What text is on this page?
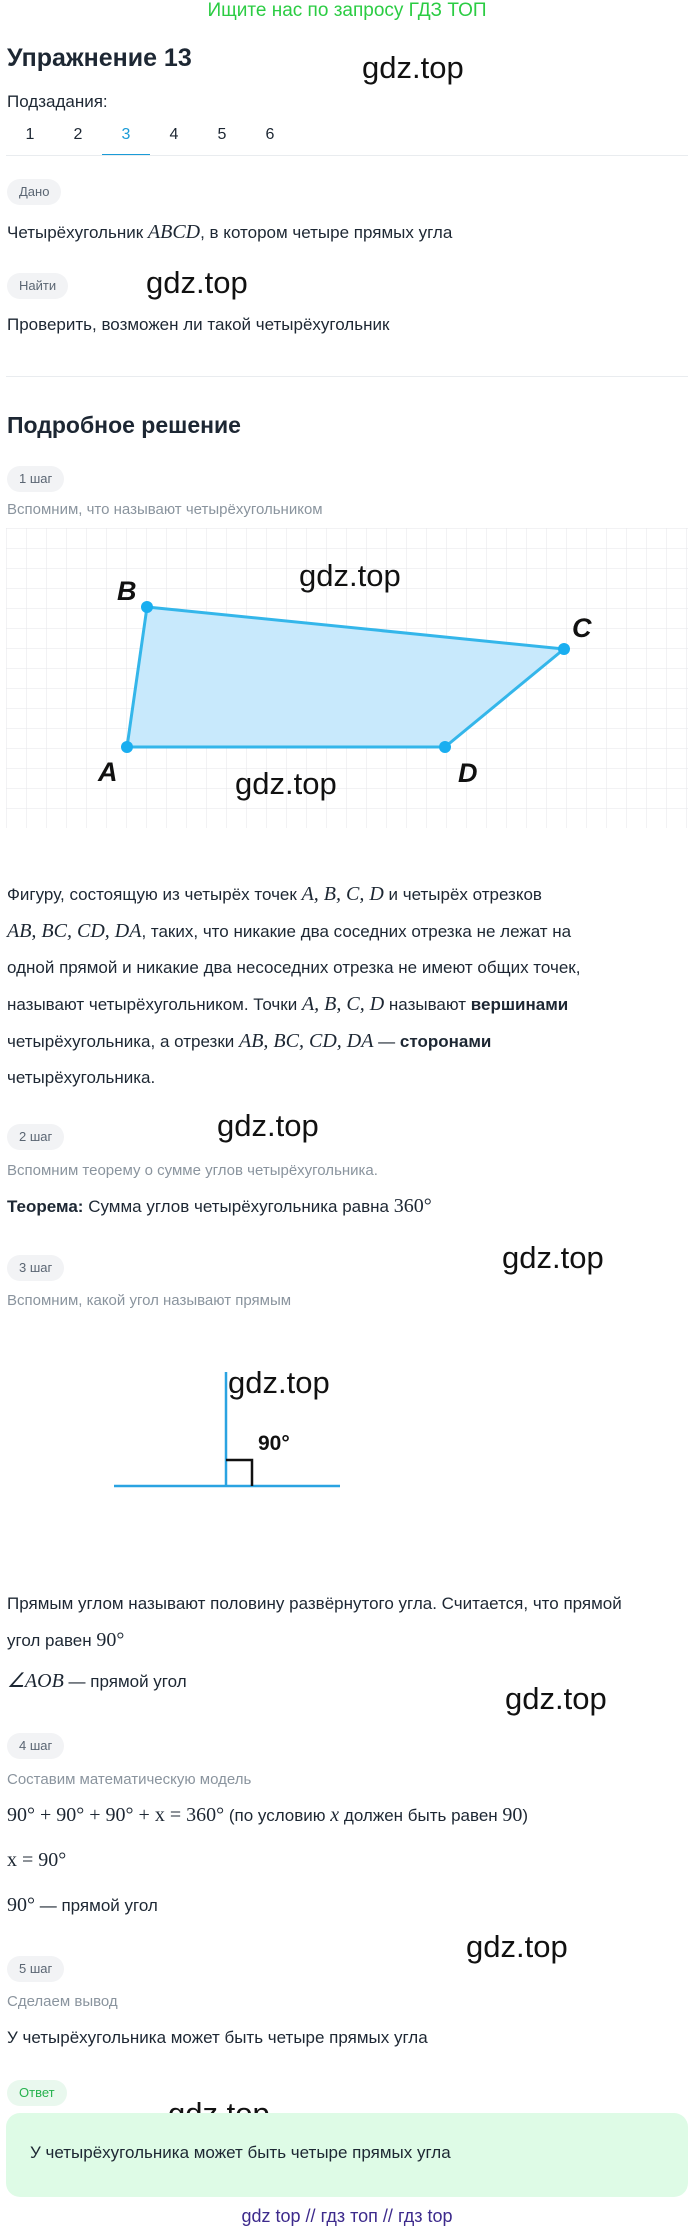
Ищите нас по запросу ГДЗ ТОП
Упражнение 13	gdz.top
Подзадания:
1	2	3	4	5	6
Дано
Четырёхугольник ABCD, в котором четыре прямых угла
Найти	gdz.top
Проверить, возможен ли такой четырёхугольник
Подробное решение
1 шаг
Вспомним, что называют четырёхугольником
A
B
C
D
gdz.top
gdz.top
Фигуру, состоящую из четырёх точек A, B, C, D и четырёх отрезков
AB, BC, CD, DA, таких, что никакие два соседних отрезка не лежат на
одной прямой и никакие два несоседних отрезка не имеют общих точек,
называют четырёхугольником. Точки A, B, C, D называют вершинами
четырёхугольника, а отрезки AB, BC, CD, DA — сторонами
четырёхугольника.
gdz.top
2 шаг
Вспомним теорему о сумме углов четырёхугольника.
Теорема: Сумма углов четырёхугольника равна 360°
gdz.top
3 шаг
Вспомним, какой угол называют прямым
90°
gdz.top
Прямым углом называют половину развёрнутого угла. Считается, что прямой
угол равен 90°
∠AOB — прямой угол	gdz.top
4 шаг
Составим математическую модель
90° + 90° + 90° + x = 360° (по условию x должен быть равен 90)
x = 90°
90° — прямой угол
gdz.top
5 шаг
Сделаем вывод
У четырёхугольника может быть четыре прямых угла
Ответ
У четырёхугольника может быть четыре прямых угла
gdz top // гдз топ // гдз top
